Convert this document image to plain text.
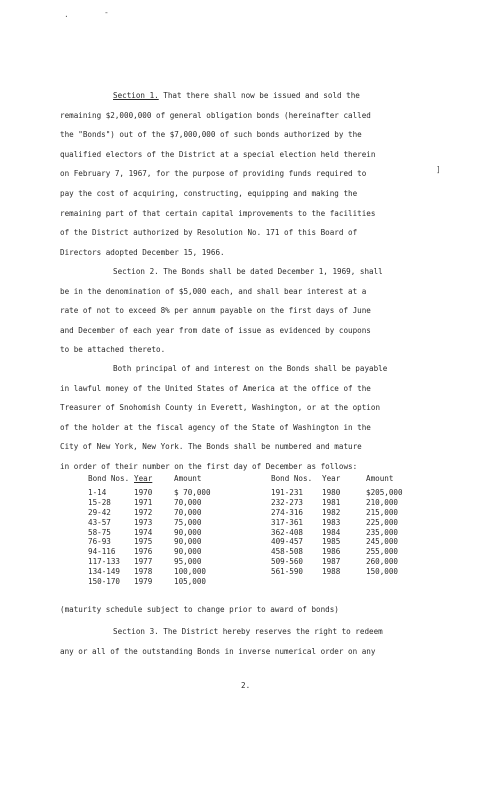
.	-
]
Section 1. That there shall now be issued and sold the
remaining $2,000,000 of general obligation bonds (hereinafter called
the "Bonds") out of the $7,000,000 of such bonds authorized by the
qualified electors of the District at a special election held therein
on February 7, 1967, for the purpose of providing funds required to
pay the cost of acquiring, constructing, equipping and making the
remaining part of that certain capital improvements to the facilities
of the District authorized by Resolution No. 171 of this Board of
Directors adopted December 15, 1966.
Section 2. The Bonds shall be dated December 1, 1969, shall
be in the denomination of $5,000 each, and shall bear interest at a
rate of not to exceed 8% per annum payable on the first days of June
and December of each year from date of issue as evidenced by coupons
to be attached thereto.
Both principal of and interest on the Bonds shall be payable
in lawful money of the United States of America at the office of the
Treasurer of Snohomish County in Everett, Washington, or at the option
of the holder at the fiscal agency of the State of Washington in the
City of New York, New York. The Bonds shall be numbered and mature
in order of their number on the first day of December as follows:
Bond Nos. Year	Amount	Bond Nos. Year	Amount
1-14	1970	$ 70,000	191-231 1980	$205,000
15-28	1971	70,000	232-273 1981	210,000
29-42	1972	70,000	274-316 1982	215,000
43-57	1973	75,000	317-361 1983	225,000
58-75	1974	90,000	362-408 1984	235,000
76-93	1975	90,000	409-457 1985	245,000
94-116 1976	90,000	458-508 1986	255,000
117-133 1977	95,000	509-560 1987	260,000
134-149 1978	100,000	561-590 1988	150,000
150-170 1979	105,000
(maturity schedule subject to change prior to award of bonds)
Section 3. The District hereby reserves the right to redeem
any or all of the outstanding Bonds in inverse numerical order on any
2.
